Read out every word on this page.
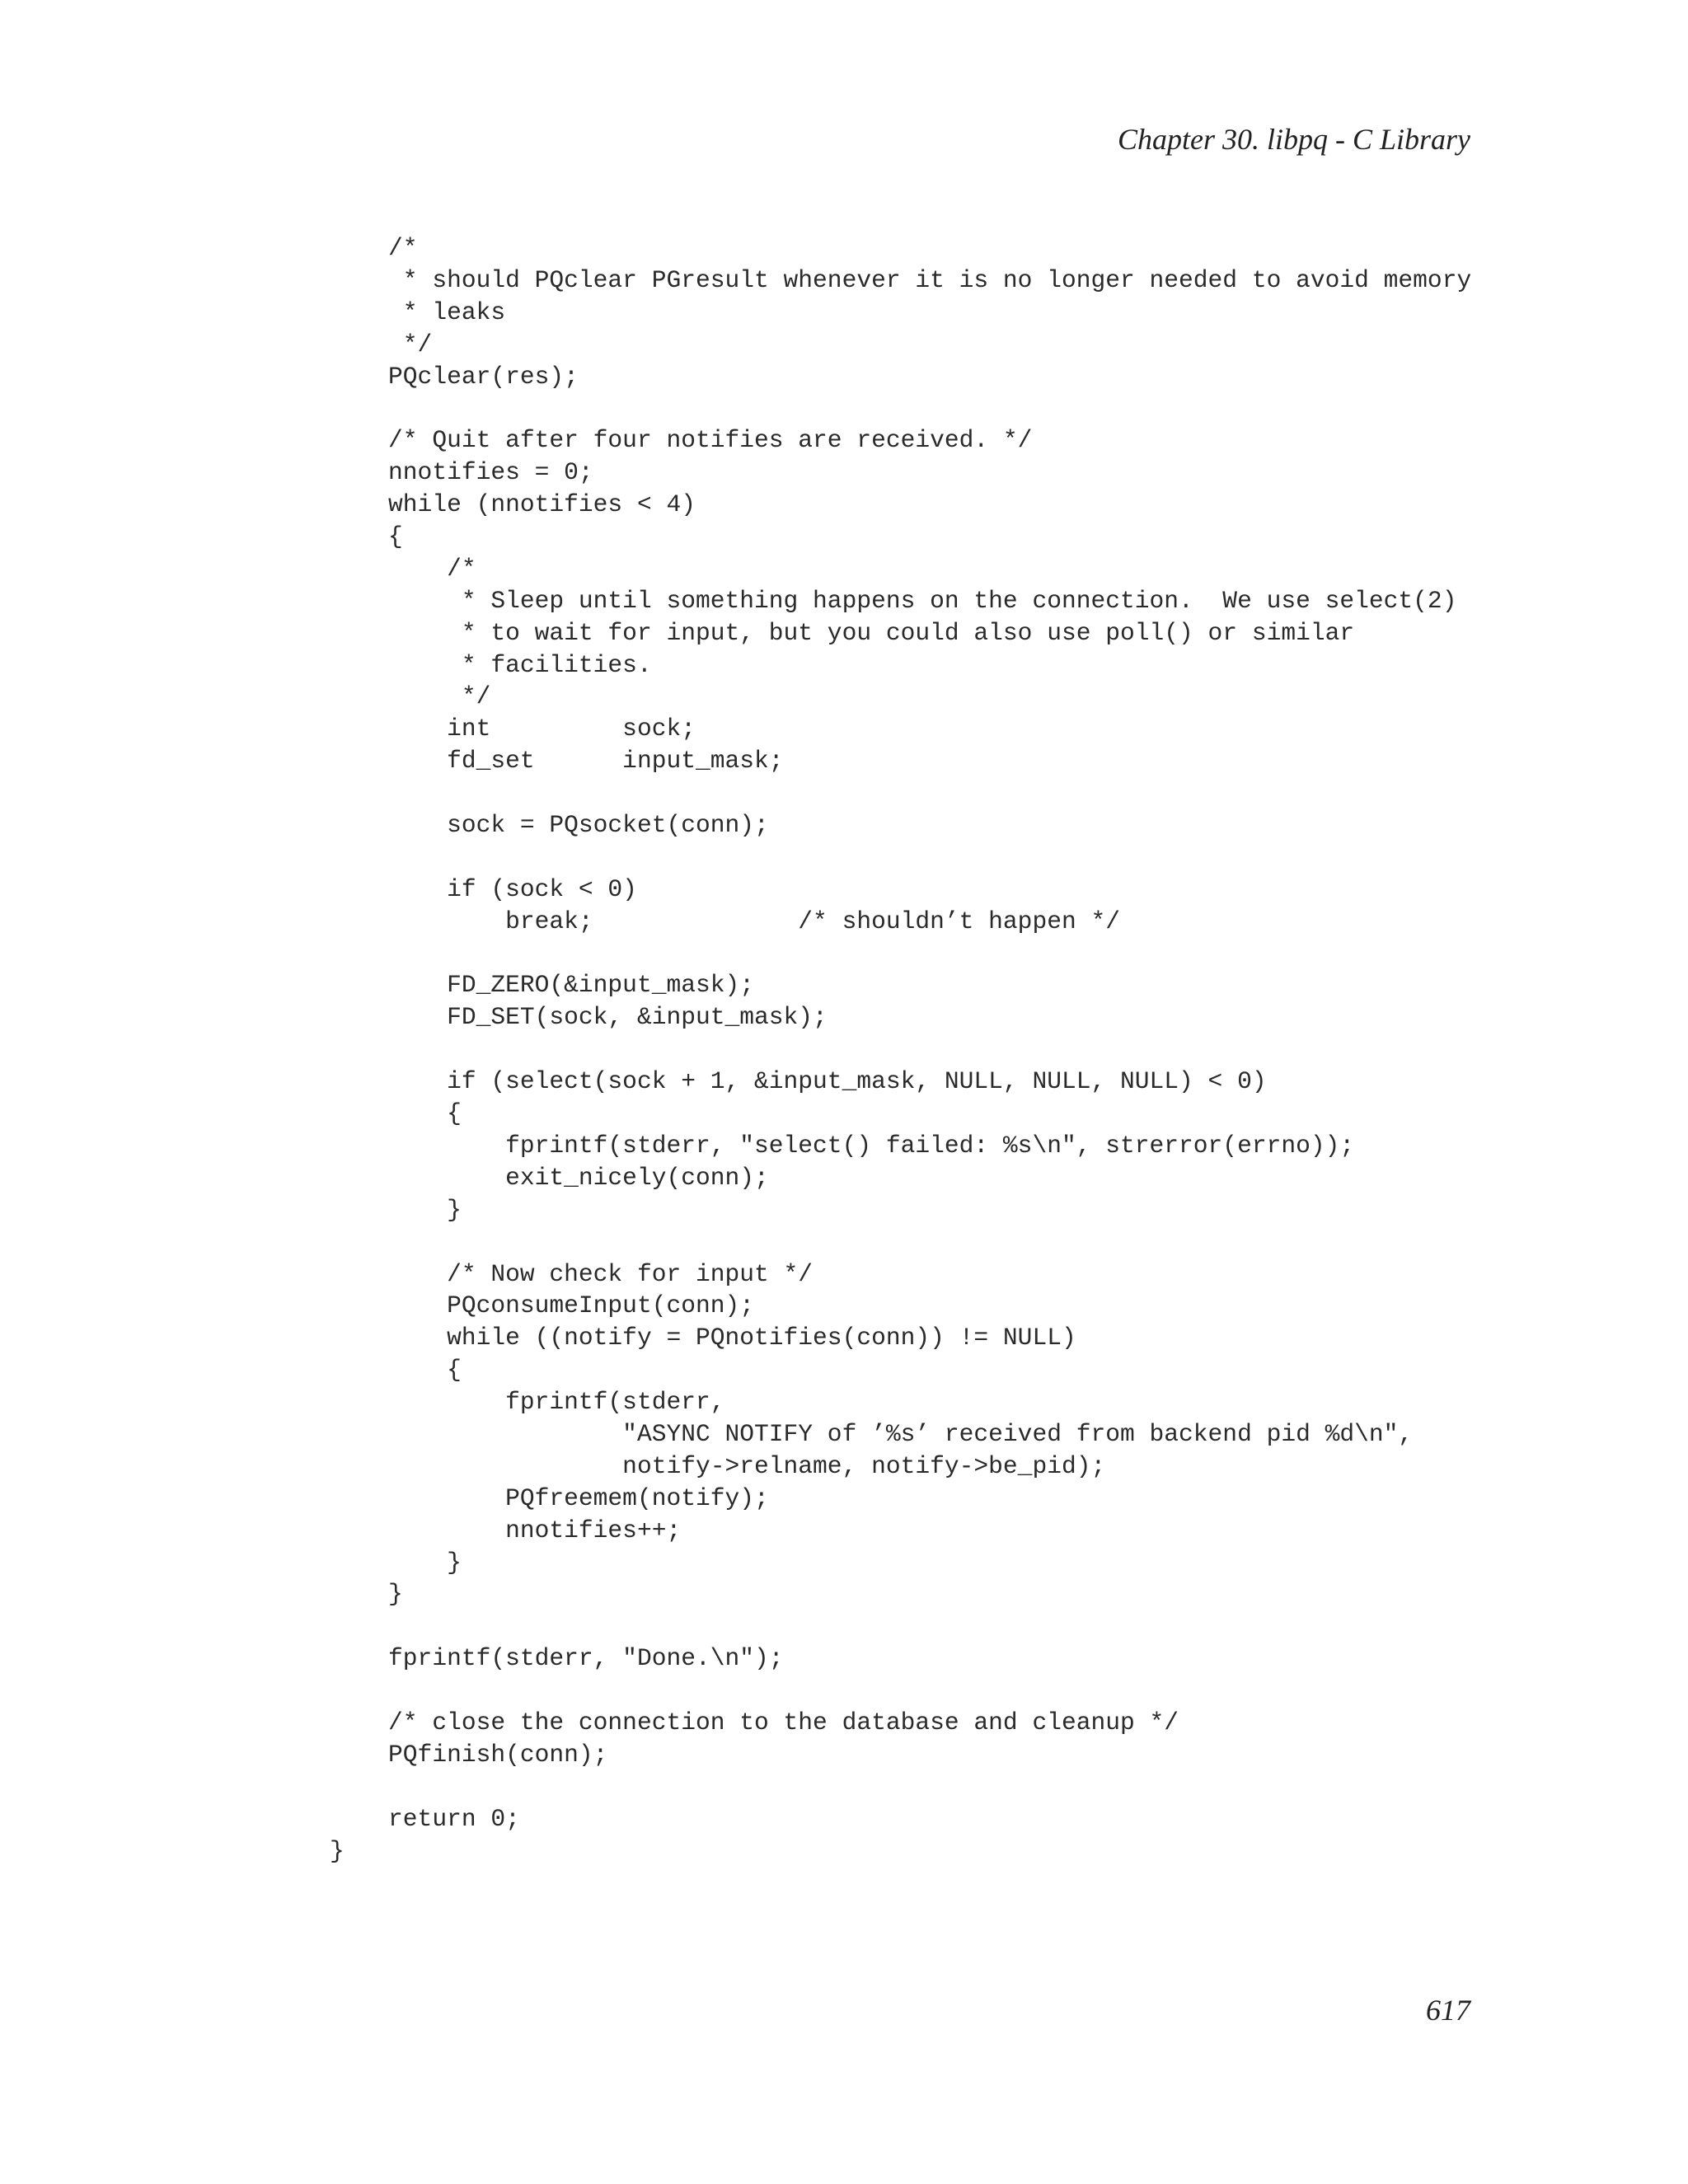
Chapter 30. libpq - C Library
/*
* should PQclear PGresult whenever it is no longer needed to avoid memory
* leaks
*/
PQclear(res);
/* Quit after four notifies are received. */
nnotifies = 0;
while (nnotifies < 4)
{
/*
* Sleep until something happens on the connection.  We use select(2)
* to wait for input, but you could also use poll() or similar
* facilities.
*/
int         sock;
fd_set      input_mask;
sock = PQsocket(conn);
if (sock < 0)
break;              /* shouldn’t happen */
FD_ZERO(&input_mask);
FD_SET(sock, &input_mask);
if (select(sock + 1, &input_mask, NULL, NULL, NULL) < 0)
{
fprintf(stderr, "select() failed: %s\n", strerror(errno));
exit_nicely(conn);
}
/* Now check for input */
PQconsumeInput(conn);
while ((notify = PQnotifies(conn)) != NULL)
{
fprintf(stderr,
"ASYNC NOTIFY of ’%s’ received from backend pid %d\n",
notify->relname, notify->be_pid);
PQfreemem(notify);
nnotifies++;
}
}
fprintf(stderr, "Done.\n");
/* close the connection to the database and cleanup */
PQfinish(conn);
return 0;
}
617
